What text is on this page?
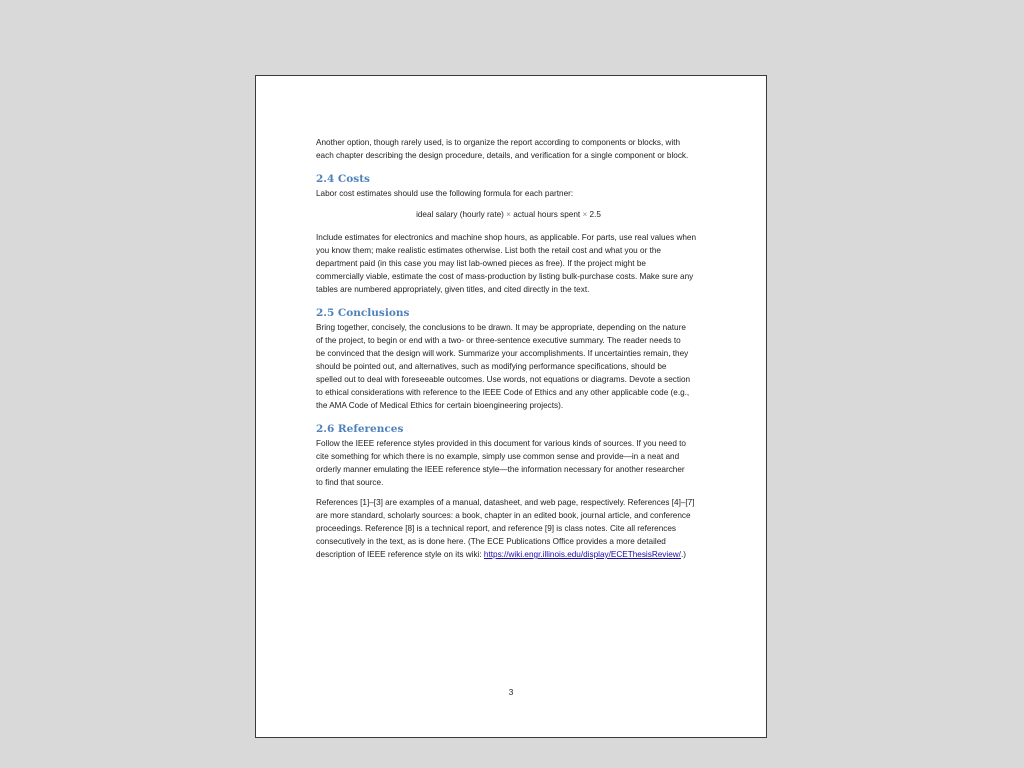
Another option, though rarely used, is to organize the report according to components or blocks, with
each chapter describing the design procedure, details, and verification for a single component or block.

2.4 Costs

Labor cost estimates should use the following formula for each partner:

ideal salary (hourly rate) × actual hours spent × 2.5

Include estimates for electronics and machine shop hours, as applicable. For parts, use real values when
you know them; make realistic estimates otherwise. List both the retail cost and what you or the
department paid (in this case you may list lab-owned pieces as free). If the project might be
commercially viable, estimate the cost of mass-production by listing bulk-purchase costs. Make sure any
tables are numbered appropriately, given titles, and cited directly in the text.

2.5 Conclusions

Bring together, concisely, the conclusions to be drawn. It may be appropriate, depending on the nature
of the project, to begin or end with a two- or three-sentence executive summary. The reader needs to
be convinced that the design will work. Summarize your accomplishments. If uncertainties remain, they
should be pointed out, and alternatives, such as modifying performance specifications, should be
spelled out to deal with foreseeable outcomes. Use words, not equations or diagrams. Devote a section
to ethical considerations with reference to the IEEE Code of Ethics and any other applicable code (e.g.,
the AMA Code of Medical Ethics for certain bioengineering projects).

2.6 References

Follow the IEEE reference styles provided in this document for various kinds of sources. If you need to
cite something for which there is no example, simply use common sense and provide—in a neat and
orderly manner emulating the IEEE reference style—the information necessary for another researcher
to find that source.

References [1]–[3] are examples of a manual, datasheet, and web page, respectively. References [4]–[7]
are more standard, scholarly sources: a book, chapter in an edited book, journal article, and conference
proceedings. Reference [8] is a technical report, and reference [9] is class notes. Cite all references
consecutively in the text, as is done here. (The ECE Publications Office provides a more detailed
description of IEEE reference style on its wiki: https://wiki.engr.illinois.edu/display/ECEThesisReview/.)

3
